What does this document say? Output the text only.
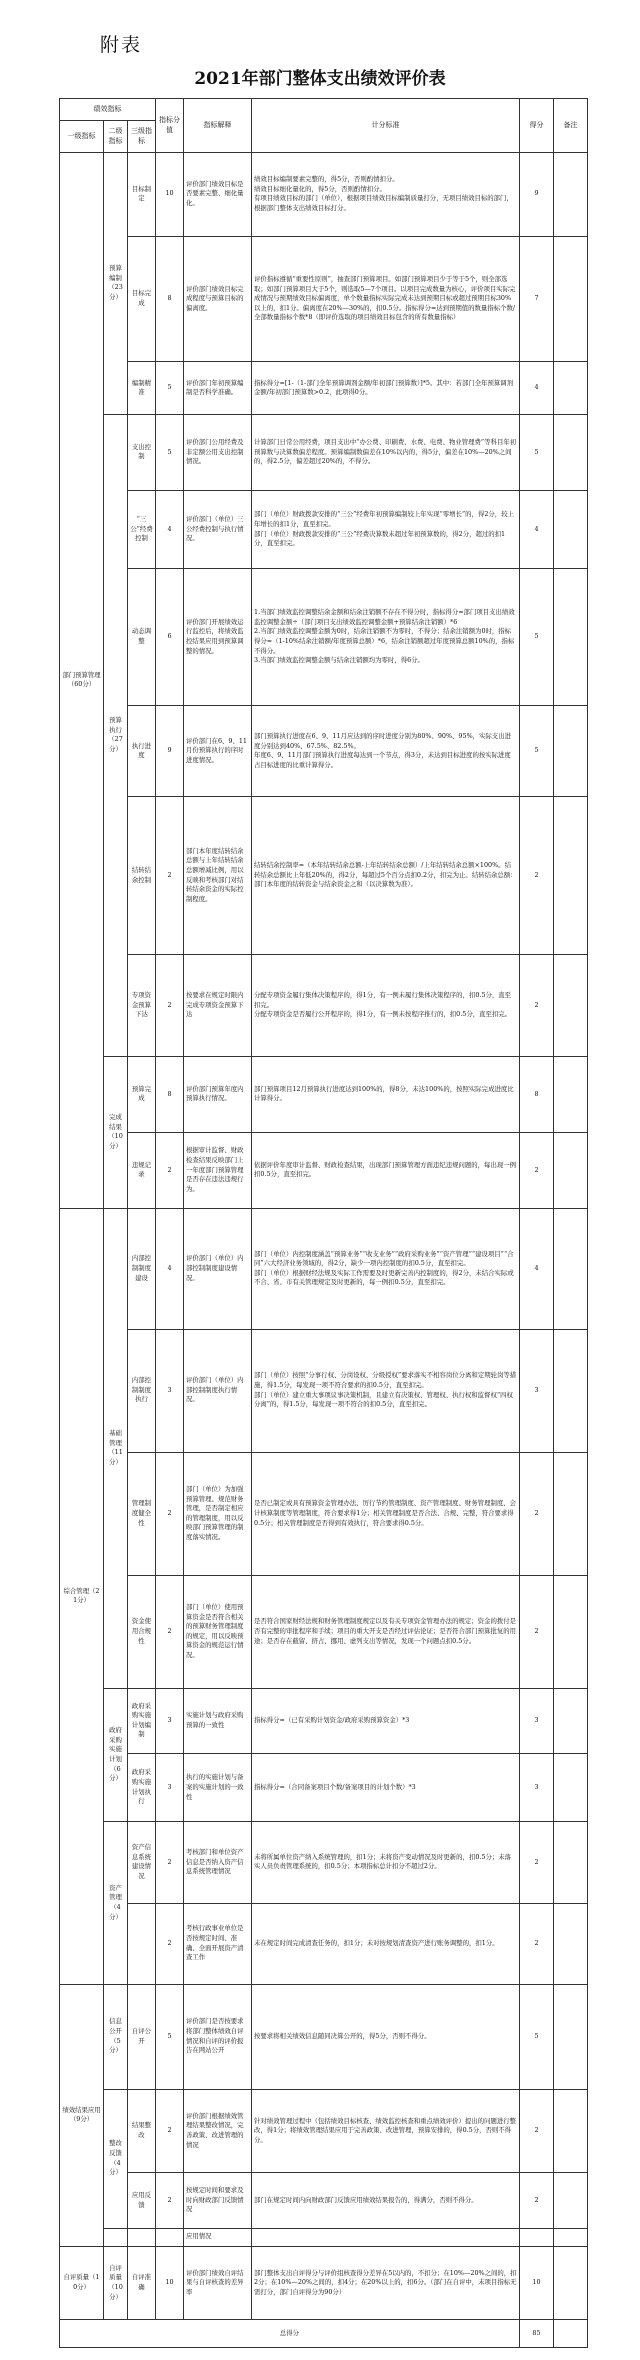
附表
2021年部门整体支出绩效评价表
绩效指标			指标分值	指标解释	计分标准	得分	备注
一级指标	二级指标	三级指标					
部门预算管理（60分）	预算编制（23分）	目标制定	10	评价部门绩效目标是否要素完整、细化量化。	绩效目标编制要素完整的，得5分，否则酌情扣分。
绩效目标细化量化的，得5分，否则酌情扣分。
有项目绩效目标的部门（单位），根据项目绩效目标编制质量打分，无项目绩效目标的部门，根据部门整体支出绩效目标打分。	9	
		目标完成	8	评价部门绩效目标完成程度与预算目标的偏离度。	评价指标遵循“重要性原则”，抽查部门预算项目。如部门预算项目少于等于5个，则全部选取；如部门预算项目大于5个，则选取5—7个项目。以项目完成数量为核心，评价项目实际完成情况与预期绩效目标偏离度，单个数量指标实际完成未达到预期目标或超过预期目标30%以上的，扣1分。偏离度在20%—30%的，扣0.5分。指标得分=达到预期值的数量指标个数/全部数量指标个数*8（即评价选取的项目绩效目标包含的所有数量指标）	7	
		编制精准	5	评价部门年初预算编制是否科学准确。	指标得分=[1-（1-部门全年预算调剂金额/年初部门预算数）]*5。其中：若部门全年预算调剂金额/年初部门预算数>0.2，此项得0分。	4	
	预算执行（27分）	支出控制	5	评价部门公用经费及非定额公用支出控制情况。	计算部门日常公用经费，项目支出中“办公费、印刷费、水费、电费、物业管理费”等科目年初预算数与决算数偏差程度。预算编制数偏差在10%以内的，得5分，偏差在10%—20%之间的，得2.5分，偏差超过20%的，不得分。	5	
		“三公”经费控制	4	评价部门（单位）三公经费控制与执行情况。	部门（单位）财政拨款安排的“三公”经费年初预算编制较上年实现“零增长”的，得2分，较上年增长的扣1分，直至扣完。
部门（单位）财政拨款安排的“三公”经费决算数未超过年初预算数的，得2分，超过的扣1分，直至扣完。	4	
		动态调整	6	评价部门开展绩效运行监控后，将绩效监控结果应用到预算调整的情况。	1.当部门绩效监控调整结余金额和结余注销额不存在不得分时，指标得分=部门项目支出绩效监控调整金额÷（部门项目支出绩效监控调整金额+预算结余注销额）*6
2.当部门绩效监控调整金额为0时，结余注销额不为零时，不得分；结余注销额为0时，指标得分=（1-10%结余注销额/年度预算总额）*6，结余注销额超过年度预算总额10%的，指标不得分。
3.当部门绩效监控调整金额与结余注销额均为零时，得6分。	5	
		执行进度	9	评价部门在6、9、11月份预算执行的序时进度情况。	部门预算执行进度在6、9、11月应达到的序时进度分别为80%、90%、95%，实际支出进度分别达到40%、67.5%、82.5%。
年度6、9、11月部门预算执行进度每达到一个节点，得3分，未达到目标进度的按实际进度占目标进度的比重计算得分。	5	
		结转结余控制	2	部门本年度结转结余总额与上年结转结余总额增减比例，用以反映和考核部门对结转结余资金的实际控制程度。	结转结余控制率=（本年结转结余总额-上年结转结余总额）/上年结转结余总额×100%。结转结余总额比上年低20%的，得2分，每超过5个百分点扣0.2分，扣完为止。结转结余总额：部门本年度的结转资金与结余资金之和（以决算数为准）。	2	
		专项资金预算下达	2	按要求在规定时限内完成专项资金预算下达	分配专项资金履行集体决策程序的，得1分，有一例未履行集体决策程序的，扣0.5分，直至扣完。
分配专项资金是否履行公开程序的，得1分，有一例未按程序推行的，扣0.5分，直至扣完。	2	
	完成结果（10分）	预算完成	8	评价部门预算年度内预算执行情况。	部门预算项目12月预算执行进度达到100%的，得8分，未达100%的，按照实际完成进度比计算得分。	8	
		违规记录	2	根据审计监督、财政检查结果反映部门上一年度部门预算管理是否存在违法违规行为。	依据评价年度审计监督、财政检查结果，出现部门预算管理方面违纪违规问题的，每出现一例扣0.5分，直至扣完。	2	
综合管理（21分）	基础管理（11分）	内部控制制度建设	4	评价部门（单位）内部控制制度建设情况。	部门（单位）内控制度涵盖“预算业务”“收支业务”“政府采购业务”“资产管理”“建设项目”“合同”六大经济业务领域的，得2分，缺少一项内控制度的扣0.5分，直至扣完。
部门（单位）根据财经法规及实际工作需要及时更新完善内控制度的，得2分，未结合实际或不合、省、市有关管理规定及时更新的，每一例扣0.5分，直至扣完。	4	
		内部控制制度执行	3	评价部门（单位）内部控制制度执行情况。	部门（单位）按照“分事行权、分岗设权、分级授权”要求落实不相容岗位分离和定期轮岗等措施，得1.5分，每发现一项不符合要求的扣0.5分，直至扣完。
部门（单位）建立重大事项议事决策机制，且建立有决策权、管理权、执行权和监督权“四权分离”的，得1.5分，每发现一项不符合的扣0.5分，直至扣完。	3	
		管理制度健全性	2	部门（单位）为加强预算管理、规范财务管理，是否制定相应的管理制度，用以反映部门预算管理的制度落实情况。	是否已制定或具有预算资金管理办法、厉行节约管理制度、资产管理制度、财务管理制度、会计核算制度等管理制度，符合要求得1分；相关管理制度是否合法、合规、完整，符合要求得0.5分；相关管理制度是否得到有效执行，符合要求得0.5分。	2	
		资金使用合规性	2	部门（单位）使用预算资金是否符合相关的预算财务管理制度的规定，用以反映预算资金的规范运行情况。	是否符合国家财经法规和财务管理制度规定以及有关专项资金管理办法的规定；资金的拨付是否有完整的审批程序和手续；项目的重大开支是否经过评估论证；是否符合部门预算批复的用途；是否存在截留、挤占、挪用、虚列支出等情况，发现一个问题点扣0.5分。	2	
	政府采购实施计划（6分）	政府采购实施计划编制	3	实施计划与政府采购预算的一致性	指标得分=（已有采购计划资金/政府采购预算资金）*3	3	
		政府采购实施计划执行	3	执行的实施计划与备案的实施计划的一致性	指标得分=（合同备案项目个数/备案项目的计划个数）*3	3	
	资产管理（4分）	资产信息系统建设情况	2	考核部门和单位资产信息是否纳入资产信息系统管理情况	未将所属单位资产纳入系统管理的，扣1分；未将资产变动情况及时更新的，扣0.5分；未落实人员负责管理系统的，扣0.5分；本项指标总计扣分不超过2分。	2	
			2	考核行政事业单位是否按规定时间、准确、全面开展资产清查工作	未在规定时间完成清查任务的，扣1分；未对按规划清查资产进行账务调整的，扣1分。	2	
绩效结果应用（9分）	信息公开（5分）	自评公开	5	评价部门是否按要求将部门整体绩效自评情况和自评的评价报告在网站公开	按要求将相关绩效信息随同决算公开的，得5分，否则不得分。	5	
	整改反馈（4分）	结果整改	2	评价部门根据绩效管理结果整改情况，完善政策、改进管理的情况	针对绩效管理过程中（包括绩效目标核查、绩效监控核查和重点绩效评价）提出的问题进行整改，得1分；将绩效管理结果应用于完善政策、改进管理，预算安排的，得0.5分，否则不得分。	2	
		应用反馈	2	按规定时间和要求及时向财政部门反馈情况	部门在规定时间内向财政部门反馈应用绩效结果报告的，得满分，否则不得分。	2	
				应用情况			
自评质量（10分）	自评质量（10分）	自评准确	10	评价部门绩效自评结果与自评核查的差异率	部门整体支出自评得分与评价组核查得分差异在5以内的，不扣分；在10%—20%之间的，扣2分；在10%—20%之间的，扣4分；在20%以上的，扣6分。（部门在自评中，未项目指标无需打分，部门自评得分为90分）	10	
总得分						85	
